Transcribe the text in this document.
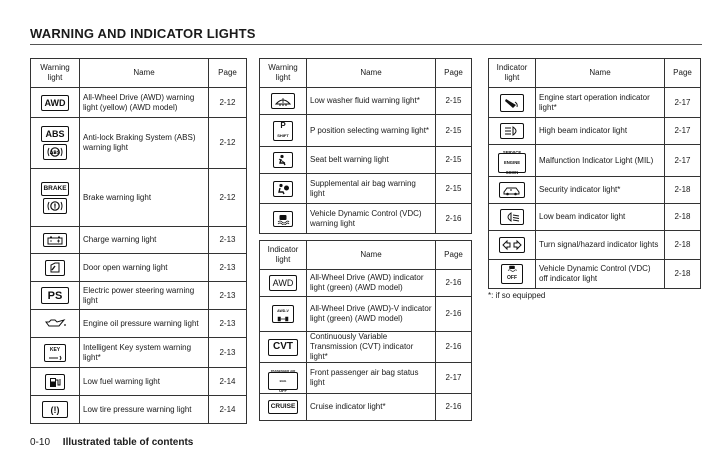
WARNING AND INDICATOR LIGHTS
Warning light	Name	Page

AWD	All-Wheel Drive (AWD) warning light (yellow) (AWD model)	2-12

ABS

ABS	Anti-lock Braking System (ABS) warning light	2-12

BRAKE

!	Brake warning light	2-12

	Charge warning light	2-13

	Door open warning light	2-13

PS	Electric power steering warning light	2-13

	Engine oil pressure warning light	2-13

KEY	Intelligent Key system warning light*	2-13

	Low fuel warning light	2-14

(!)	Low tire pressure warning light	2-14
Warning light	Name	Page

	Low washer fluid warning light*	2-15

P
SHIFT	P position selecting warning light*	2-15

	Seat belt warning light	2-15

	Supplemental air bag warning light	2-15

	Vehicle Dynamic Control (VDC) warning light	2-16
Indicator light	Name	Page

AWD	All-Wheel Drive (AWD) indicator light (green) (AWD model)	2-16

AWD-V	All-Wheel Drive (AWD)-V indicator light (green) (AWD model)	2-16

CVT	Continuously Variable Transmission (CVT) indicator light*	2-16

PASSENGER AIR BAG
OFF	Front passenger air bag status light	2-17

CRUISE	Cruise indicator light*	2-16
Indicator light	Name	Page

	Engine start operation indicator light*	2-17

	High beam indicator light	2-17

SERVICE
ENGINE
SOON	Malfunction Indicator Light (MIL)	2-17

	Security indicator light*	2-18

	Low beam indicator light	2-18

	Turn signal/hazard indicator lights	2-18

OFF	Vehicle Dynamic Control (VDC) off indicator light	2-18
*: if so equipped
0-10 Illustrated table of contents
